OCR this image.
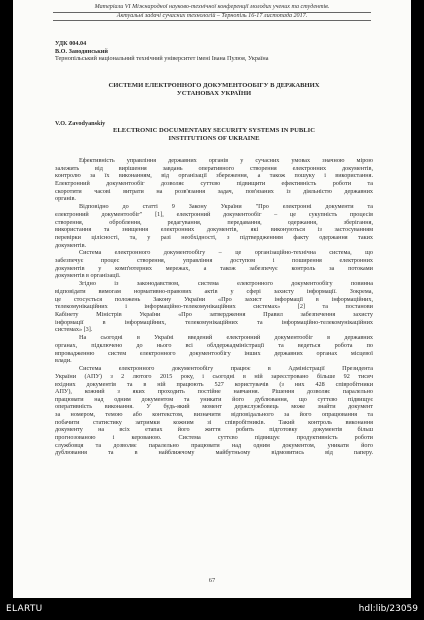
Матеріали VI Міжнародної науково-технічної конференції молодих учених та студентів.
Актуальні задачі сучасних технологій – Тернопіль 16-17 листопада 2017.
УДК 004.04
В.О. Заводянський
Тернопільський національний технічний університет імені Івана Пулюя, Україна
СИСТЕМИ ЕЛЕКТРОННОГО ДОКУМЕНТООБІГУ В ДЕРЖАВНИХ
УСТАНОВАХ УКРАЇНИ
V.O. Zavodyanskiy
ELECTRONIC DOCUMENTARY SECURITY SYSTEMS IN PUBLIC
INSTITUTIONS OF UKRAINE
Ефективність управління державних органів у сучасних умовах значною мірою
залежить від вирішення завдань оперативного створення електронних документів,
контролю за їх виконанням, від організації збереження, а також пошуку і використання.
Електронний документообіг дозволяє суттєво підвищити ефективність роботи та
скоротити часові витрати на розв'язання задач, пов'язаних із діяльністю державних
органів.
Відповідно до статті 9 Закону України "Про електронні документи та
електронний документообіг" [1], електронний документообіг – це сукупність процесів
створення, оброблення, редагування, передавання, одержання, зберігання,
використання та знищення електронних документів, які виконуються із застосуванням
перевірки цілісності, та, у разі необхідності, з підтвердженням факту одержання таких
документів.
Система електронного документообігу – це організаційно-технічна система, що
забезпечує процес створення, управління доступом і поширення електронних
документів у комп'ютерних мережах, а також забезпечує контроль за потоками
документів в організації.
Згідно із законодавством, система електронного документообігу повинна
відповідати вимогам нормативно-правових актів у сфері захисту інформації. Зокрема,
це стосується положень Закону України «Про захист інформації в інформаційних,
телекомунікаційних і інформаційно-телекомунікаційних системах» [2] та постанови
Кабінету Міністрів України «Про затвердження Правил забезпечення захисту
інформації в інформаційних, телекомунікаційних та інформаційно-телекомунікаційних
системах» [3].
На сьогодні в Україні введений електронний документообіг в державних
органах, підключено до нього всі облдержадміністрації та ведеться робота по
впровадженню систем електронного документообігу інших державних органах місцевої
влади.
Система електронного документообігу працює в Адміністрації Президента
України (АПУ) з 2 лютого 2015 року, і сьогодні в ній зареєстровано більше 92 тисяч
вхідних документів та в ній працюють 527 користувачів (з них 428 співробітники
АПУ), кожний з яких проходить постійне навчання. Рішення дозволяє паралельно
працювати над одним документом та уникати його дублювання, що суттєво підвищує
оперативність виконання. У будь-який момент держслужбовець може знайти документ
за номером, темою або контекстом, визначити відповідального за його опрацювання та
побачити статистику затримки кожним зі співробітників. Такий контроль виконання
документу на всіх етапах його життя робить підготовку документів більш
прогнозованою і керованою. Система суттєво підвищує продуктивність роботи
службовця та дозволяє паралельно працювати над одним документом, уникати його
дублювання та в найближчому майбутньому відмовитись від паперу.
67
ELARTU	hdl:lib/23059
